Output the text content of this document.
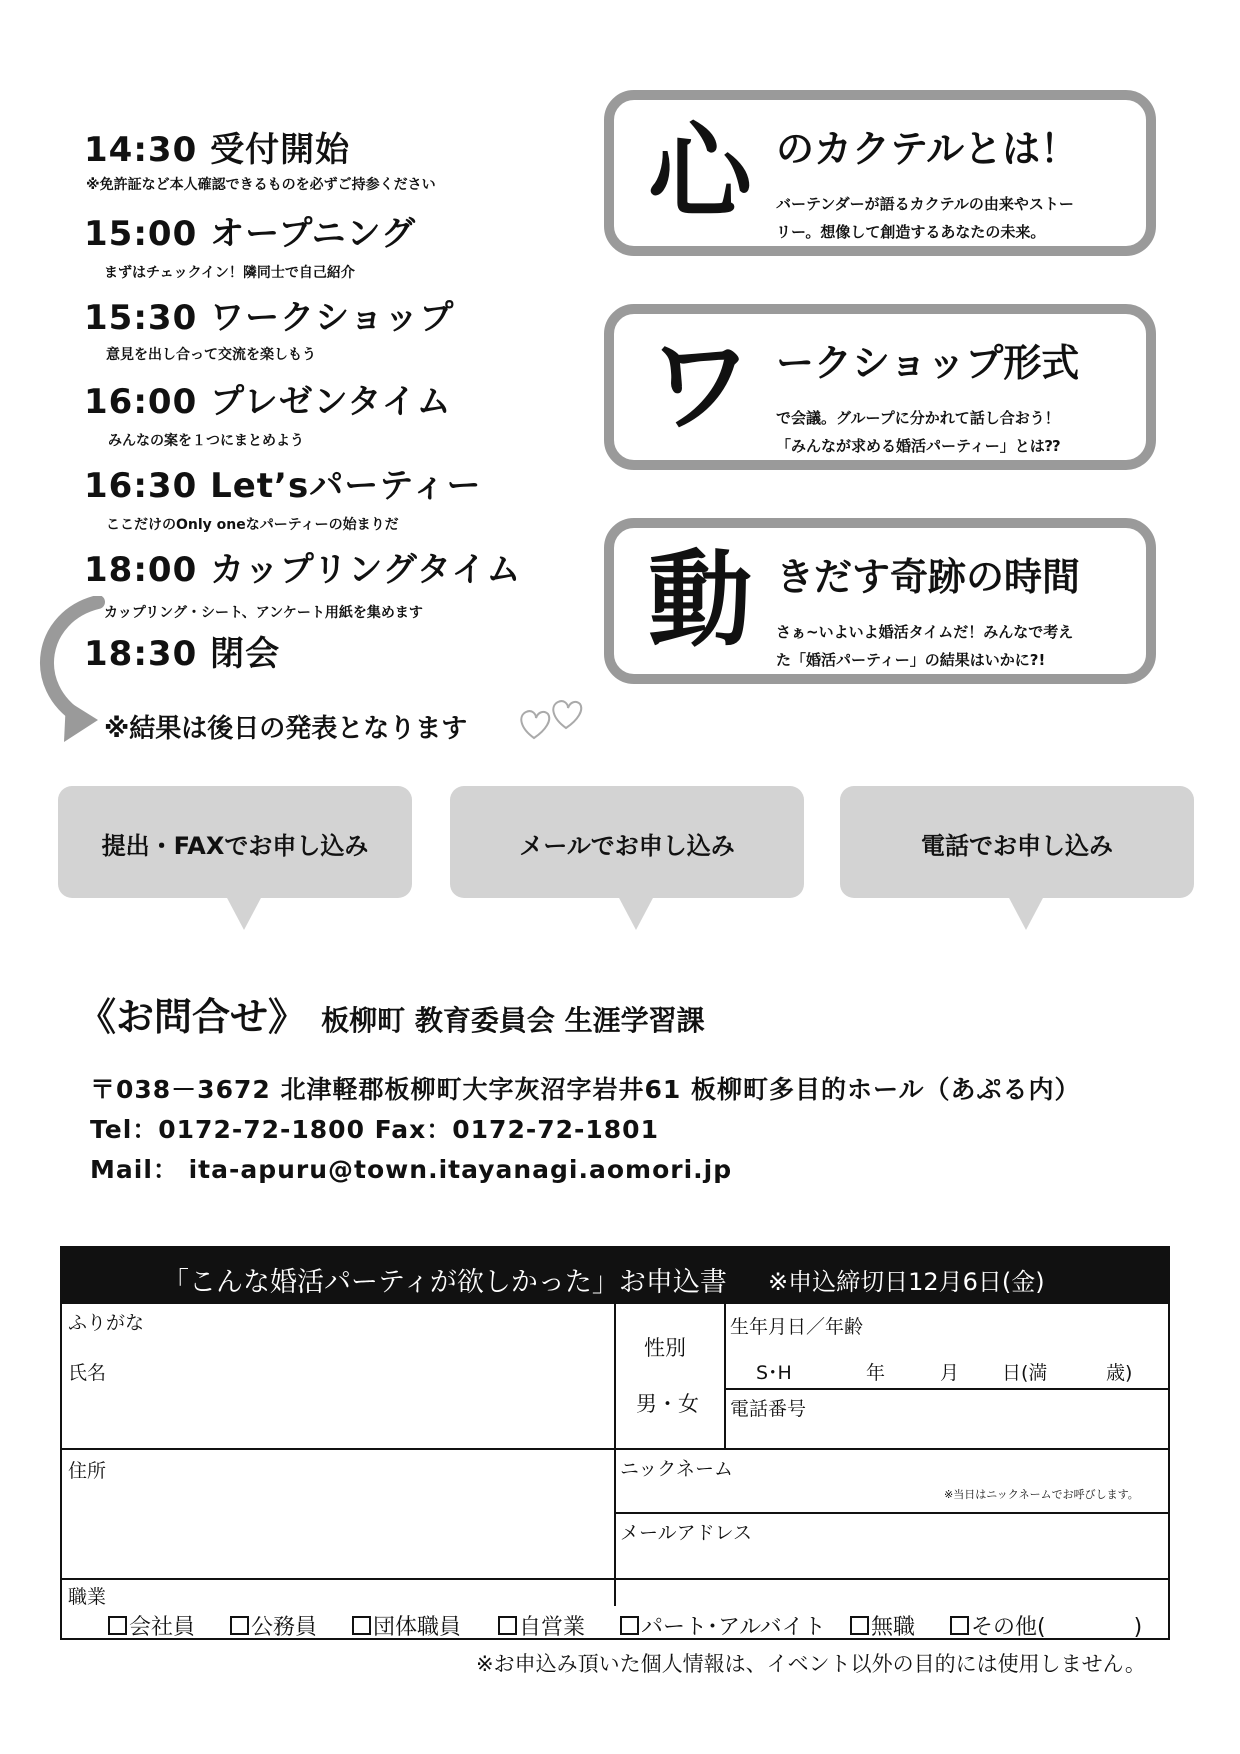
14:30 受付開始
※免許証など本人確認できるものを必ずご持参ください
15:00 オープニング
まずはチェックイン！隣同士で自己紹介
15:30 ワークショップ
意見を出し合って交流を楽しもう
16:00 プレゼンタイム
みんなの案を１つにまとめよう
16:30 Let’sパーティー
ここだけのOnly oneなパーティーの始まりだ
18:00 カップリングタイム
カップリング・シート、アンケート用紙を集めます
18:30 閉会
※結果は後日の発表となります
心 のカクテルとは！
バーテンダーが語るカクテルの由来やストー
リー。想像して創造するあなたの未来。
ワ ークショップ形式
で会議。グループに分かれて話し合おう！
「みんなが求める婚活パーティー」とは⁇
動 きだす奇跡の時間
さぁ~いよいよ婚活タイムだ！みんなで考え
た「婚活パーティー」の結果はいかに?!
提出・FAXでお申し込み	メールでお申し込み	電話でお申し込み
《お問合せ》 板柳町 教育委員会 生涯学習課
〒038－3672 北津軽郡板柳町大字灰沼字岩井61 板柳町多目的ホール（あぷる内）
Tel：0172-72-1800 Fax：0172-72-1801
Mail： ita-apuru@town.itayanagi.aomori.jp
「こんな婚活パーティが欲しかった」お申込書 ※申込締切日12月6日(金)
ふりがな
氏名
性別
男・女
生年月日／年齢
S･H	年	月 日(満	歳)
電話番号
住所	ニックネーム
※当日はニックネームでお呼びします。
メールアドレス
職業
会社員	公務員	団体職員	自営業	パート･アルバイト	無職	その他(　　　　)
※お申込み頂いた個人情報は、イベント以外の目的には使用しません。
